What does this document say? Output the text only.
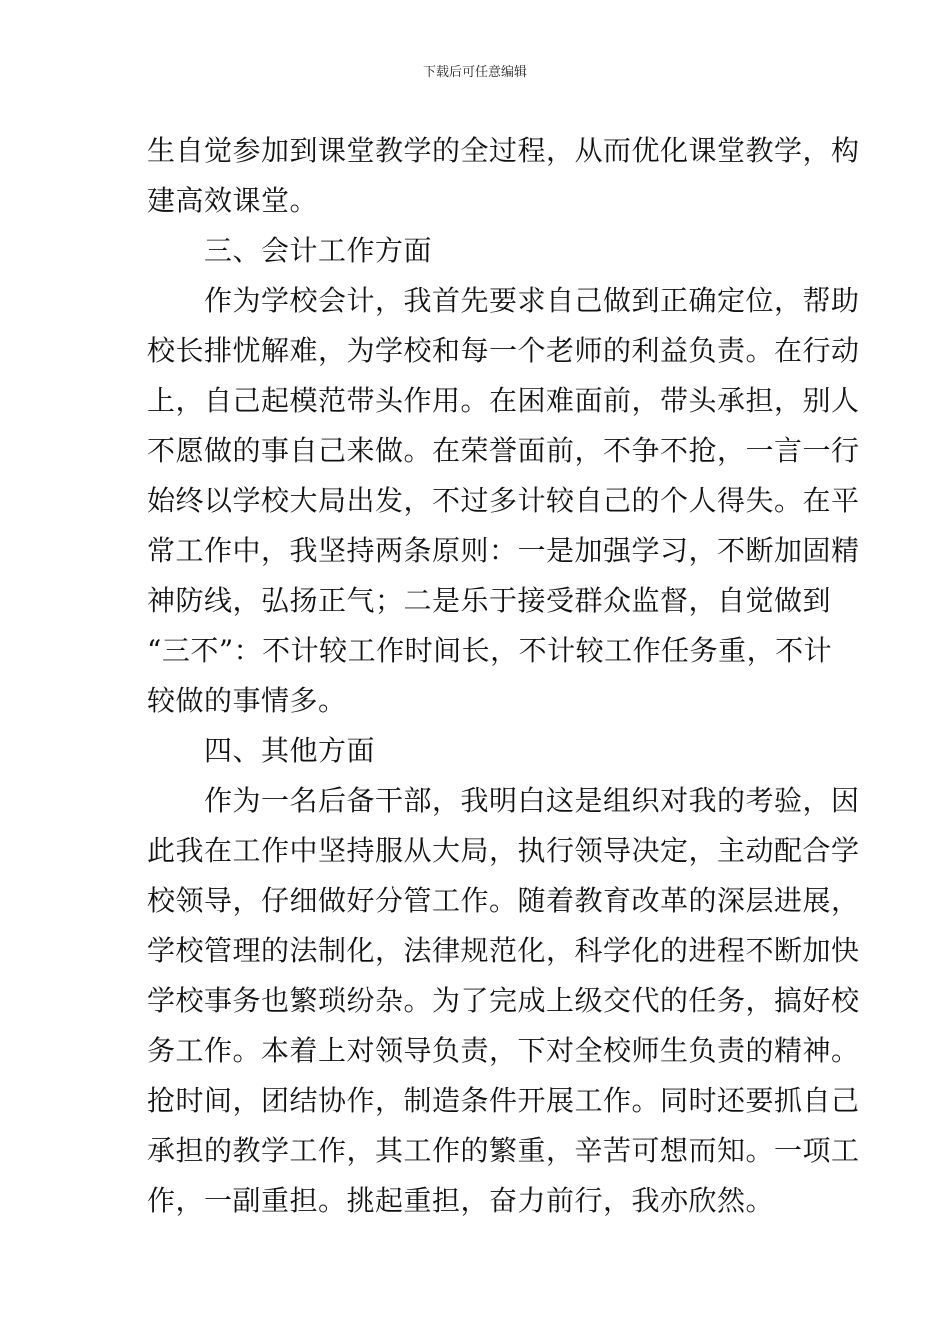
下载后可任意编辑
生自觉参加到课堂教学的全过程，从而优化课堂教学，构
建高效课堂。
　　三、会计工作方面
　　作为学校会计，我首先要求自己做到正确定位，帮助
校长排忧解难，为学校和每一个老师的利益负责。在行动
上，自己起模范带头作用。在困难面前，带头承担，别人
不愿做的事自己来做。在荣誉面前，不争不抢，一言一行
始终以学校大局出发，不过多计较自己的个人得失。在平
常工作中，我坚持两条原则：一是加强学习，不断加固精
神防线，弘扬正气；二是乐于接受群众监督，自觉做到
“三不”：不计较工作时间长，不计较工作任务重，不计
较做的事情多。
　　四、其他方面
　　作为一名后备干部，我明白这是组织对我的考验，因
此我在工作中坚持服从大局，执行领导决定，主动配合学
校领导，仔细做好分管工作。随着教育改革的深层进展，
学校管理的法制化，法律规范化，科学化的进程不断加快
学校事务也繁琐纷杂。为了完成上级交代的任务，搞好校
务工作。本着上对领导负责，下对全校师生负责的精神。
抢时间，团结协作，制造条件开展工作。同时还要抓自己
承担的教学工作，其工作的繁重，辛苦可想而知。一项工
作，一副重担。挑起重担，奋力前行，我亦欣然。
